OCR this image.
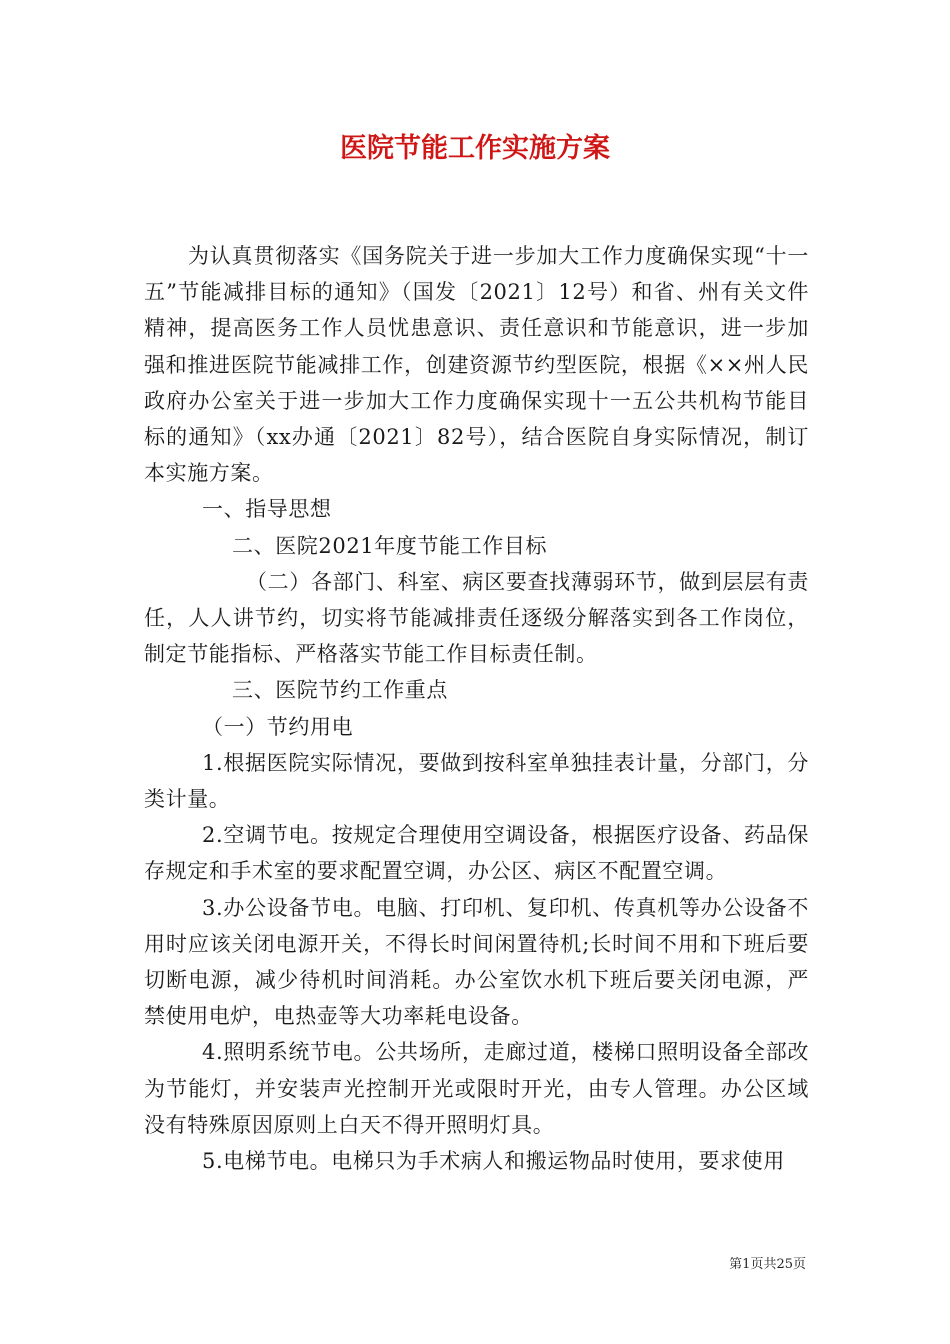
医院节能工作实施方案

为认真贯彻落实《国务院关于进一步加大工作力度确保实现“十一五”节能减排目标的通知》（国发〔2021〕12号）和省、州有关文件精神，提高医务工作人员忧患意识、责任意识和节能意识，进一步加强和推进医院节能减排工作，创建资源节约型医院，根据《××州人民政府办公室关于进一步加大工作力度确保实现十一五公共机构节能目标的通知》（xx办通〔2021〕82号），结合医院自身实际情况，制订本实施方案。

一、指导思想

二、医院2021年度节能工作目标

（二）各部门、科室、病区要查找薄弱环节，做到层层有责任，人人讲节约，切实将节能减排责任逐级分解落实到各工作岗位，制定节能指标、严格落实节能工作目标责任制。

三、医院节约工作重点

（一）节约用电

1.根据医院实际情况，要做到按科室单独挂表计量，分部门，分类计量。

2.空调节电。按规定合理使用空调设备，根据医疗设备、药品保存规定和手术室的要求配置空调，办公区、病区不配置空调。

3.办公设备节电。电脑、打印机、复印机、传真机等办公设备不用时应该关闭电源开关，不得长时间闲置待机;长时间不用和下班后要切断电源，减少待机时间消耗。办公室饮水机下班后要关闭电源，严禁使用电炉，电热壶等大功率耗电设备。

4.照明系统节电。公共场所，走廊过道，楼梯口照明设备全部改为节能灯，并安装声光控制开光或限时开光，由专人管理。办公区域没有特殊原因原则上白天不得开照明灯具。

5.电梯节电。电梯只为手术病人和搬运物品时使用，要求使用

第1页共25页
